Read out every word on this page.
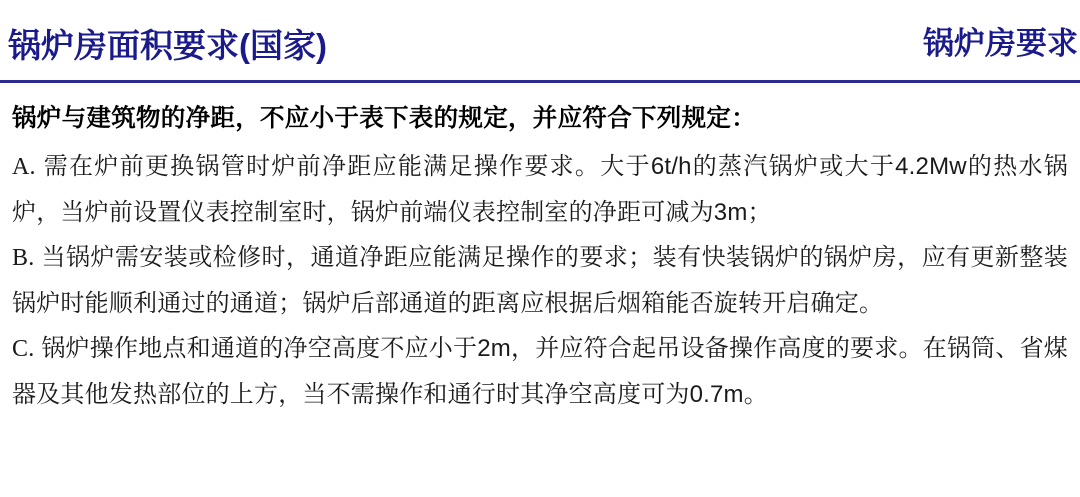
锅炉房面积要求(国家)	锅炉房要求

锅炉与建筑物的净距，不应小于表下表的规定，并应符合下列规定：

A. 需在炉前更换锅管时炉前净距应能满足操作要求。大于6t/h的蒸汽锅炉或大于4.2Mw的热水锅炉，当炉前设置仪表控制室时，锅炉前端仪表控制室的净距可减为3m；

B. 当锅炉需安装或检修时，通道净距应能满足操作的要求；装有快装锅炉的锅炉房，应有更新整装锅炉时能顺利通过的通道；锅炉后部通道的距离应根据后烟箱能否旋转开启确定。

C. 锅炉操作地点和通道的净空高度不应小于2m，并应符合起吊设备操作高度的要求。在锅筒、省煤器及其他发热部位的上方，当不需操作和通行时其净空高度可为0.7m。
